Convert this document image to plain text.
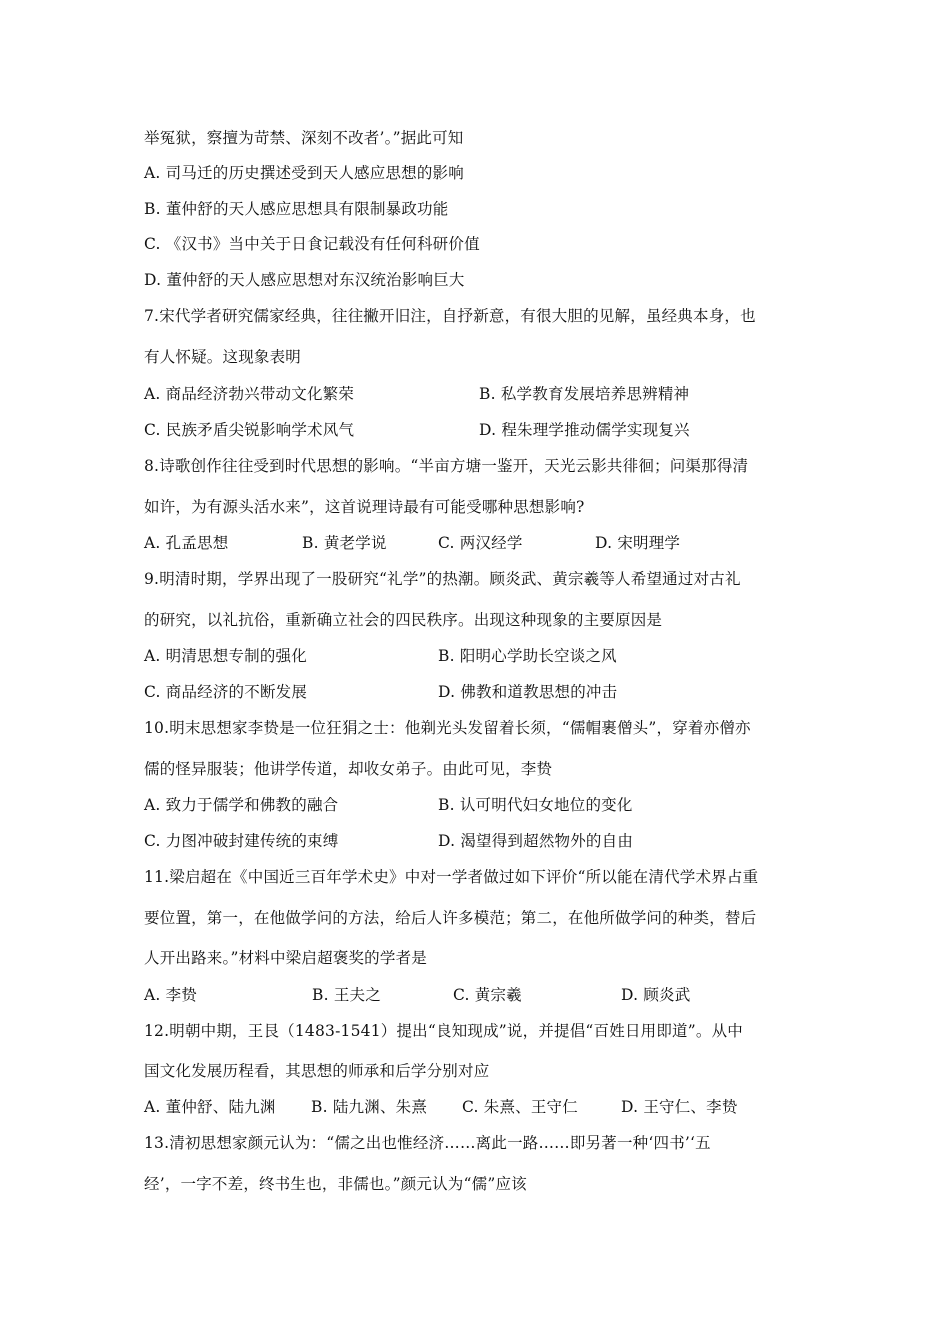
举冤狱，察擅为苛禁、深刻不改者’。”据此可知
A. 司马迁的历史撰述受到天人感应思想的影响
B. 董仲舒的天人感应思想具有限制暴政功能
C. 《汉书》当中关于日食记载没有任何科研价值
D. 董仲舒的天人感应思想对东汉统治影响巨大
7.宋代学者研究儒家经典，往往撇开旧注，自抒新意，有很大胆的见解，虽经典本身，也
有人怀疑。这现象表明
A. 商品经济勃兴带动文化繁荣	B. 私学教育发展培养思辨精神
C. 民族矛盾尖锐影响学术风气	D. 程朱理学推动儒学实现复兴
8.诗歌创作往往受到时代思想的影响。“半亩方塘一鉴开，天光云影共徘徊；问渠那得清
如许，为有源头活水来”，这首说理诗最有可能受哪种思想影响?
A. 孔孟思想	B. 黄老学说	C. 两汉经学	D. 宋明理学
9.明清时期，学界出现了一股研究“礼学”的热潮。顾炎武、黄宗羲等人希望通过对古礼
的研究，以礼抗俗，重新确立社会的四民秩序。出现这种现象的主要原因是
A. 明清思想专制的强化	B. 阳明心学助长空谈之风
C. 商品经济的不断发展	D. 佛教和道教思想的冲击
10.明末思想家李贽是一位狂狷之士：他剃光头发留着长须，“儒帽裹僧头”，穿着亦僧亦
儒的怪异服装；他讲学传道，却收女弟子。由此可见，李贽
A. 致力于儒学和佛教的融合	B. 认可明代妇女地位的变化
C. 力图冲破封建传统的束缚	D. 渴望得到超然物外的自由
11.梁启超在《中国近三百年学术史》中对一学者做过如下评价“所以能在清代学术界占重
要位置，第一，在他做学问的方法，给后人许多模范；第二，在他所做学问的种类，替后
人开出路来。”材料中梁启超褒奖的学者是
A. 李贽	B. 王夫之	C. 黄宗羲	D. 顾炎武
12.明朝中期，王艮（1483-1541）提出“良知现成”说，并提倡“百姓日用即道”。从中
国文化发展历程看，其思想的师承和后学分别对应
A. 董仲舒、陆九渊 B. 陆九渊、朱熹 C. 朱熹、王守仁	D. 王守仁、李贽
13.清初思想家颜元认为：“儒之出也惟经济……离此一路……即另著一种‘四书’‘五
经’，一字不差，终书生也，非儒也。”颜元认为“儒”应该
